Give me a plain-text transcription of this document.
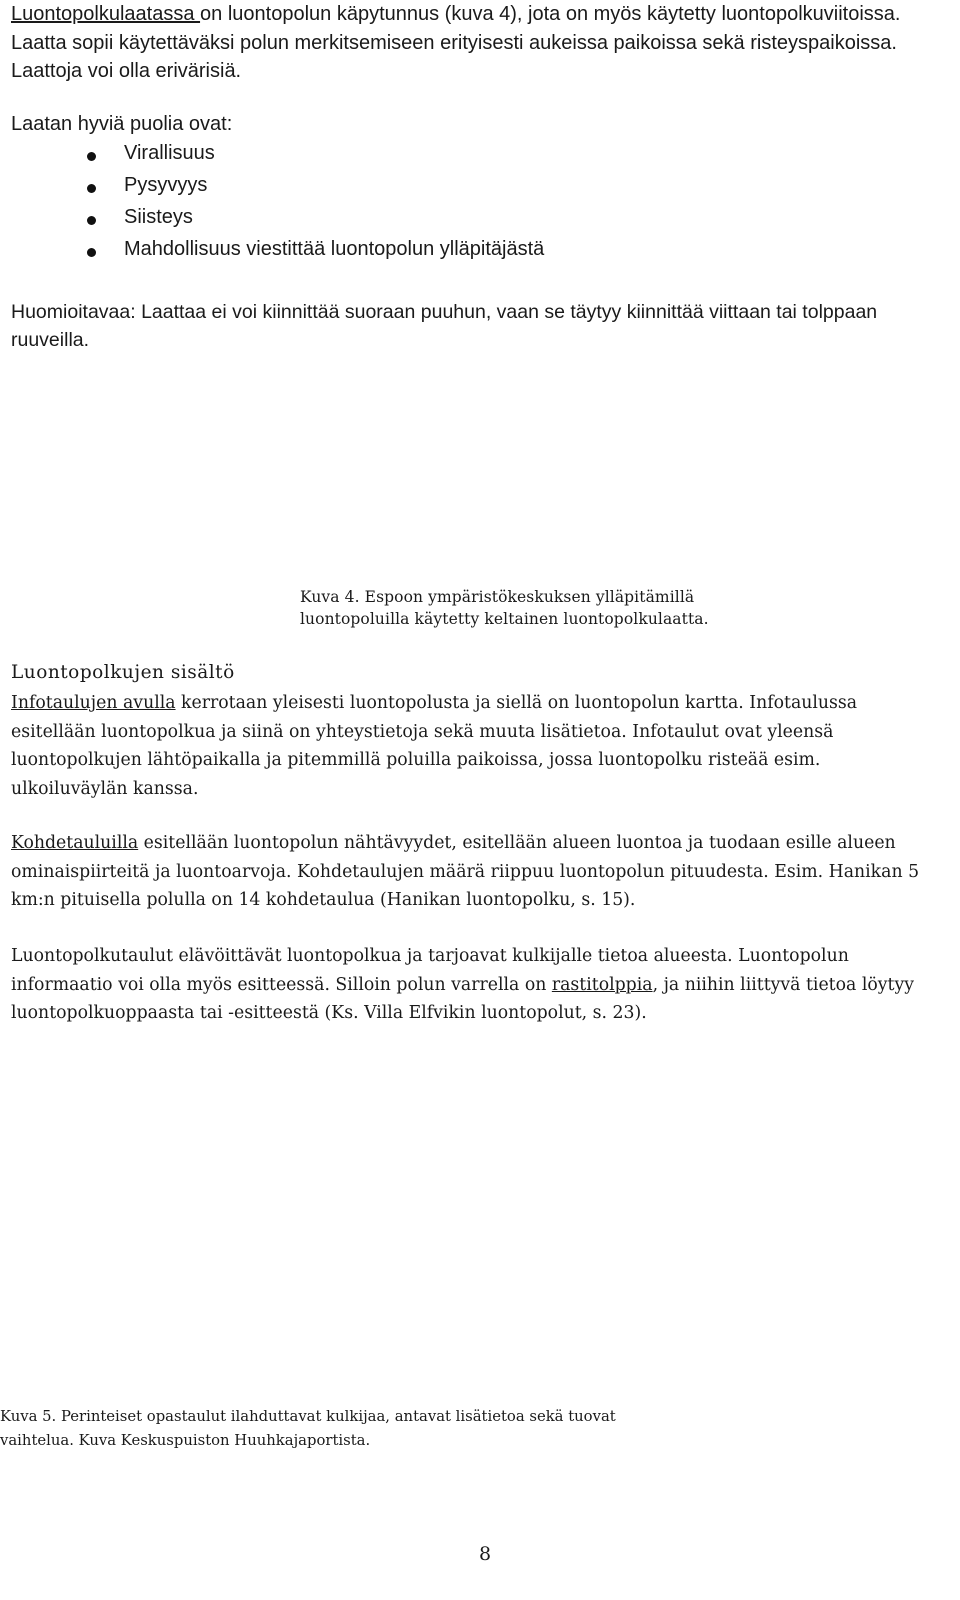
Luontopolkulaatassa on luontopolun käpytunnus (kuva 4), jota on myös käytetty luontopolkuviitoissa. Laatta sopii käytettäväksi polun merkitsemiseen erityisesti aukeissa paikoissa sekä risteyspaikoissa. Laattoja voi olla erivärisiä.

Laatan hyviä puolia ovat:

Virallisuus
Pysyvyys
Siisteys
Mahdollisuus viestittää luontopolun ylläpitäjästä

Huomioitavaa: Laattaa ei voi kiinnittää suoraan puuhun, vaan se täytyy kiinnittää viittaan tai tolppaan ruuveilla.

Kuva 4. Espoon ympäristökeskuksen ylläpitämillä
luontopoluilla käytetty keltainen luontopolkulaatta.
Luontopolkujen sisältö

Infotaulujen avulla kerrotaan yleisesti luontopolusta ja siellä on luontopolun kartta. Infotaulussa esitellään luontopolkua ja siinä on yhteystietoja sekä muuta lisätietoa. Infotaulut ovat yleensä luontopolkujen lähtöpaikalla ja pitemmillä poluilla paikoissa, jossa luontopolku risteää esim. ulkoiluväylän kanssa.

Kohdetauluilla esitellään luontopolun nähtävyydet, esitellään alueen luontoa ja tuodaan esille alueen ominaispiirteitä ja luontoarvoja. Kohdetaulujen määrä riippuu luontopolun pituudesta. Esim. Hanikan 5 km:n pituisella polulla on 14 kohdetaulua (Hanikan luontopolku, s. 15).

Luontopolkutaulut elävöittävät luontopolkua ja tarjoavat kulkijalle tietoa alueesta. Luontopolun informaatio voi olla myös esitteessä. Silloin polun varrella on rastitolppia, ja niihin liittyvä tietoa löytyy luontopolkuoppaasta tai -esitteestä (Ks. Villa Elfvikin luontopolut, s. 23).

Kuva 5. Perinteiset opastaulut ilahduttavat kulkijaa, antavat lisätietoa sekä tuovat
vaihtelua. Kuva Keskuspuiston Huuhkajaportista.
8
